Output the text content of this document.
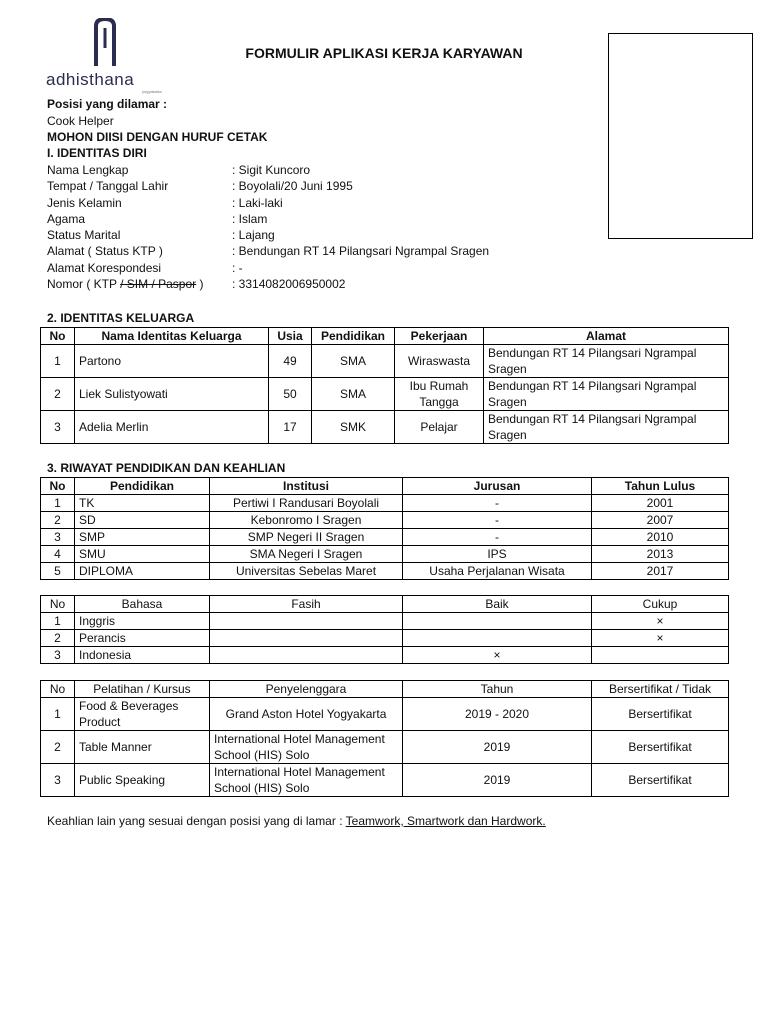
adhisthana
yogyakarta
FORMULIR APLIKASI KERJA KARYAWAN
Posisi yang dilamar :
Cook Helper
MOHON DIISI DENGAN HURUF CETAK
I. IDENTITAS DIRI
Nama Lengkap	: Sigit Kuncoro
Tempat / Tanggal Lahir	: Boyolali/20 Juni 1995
Jenis Kelamin	: Laki-laki
Agama	: Islam
Status Marital	: Lajang
Alamat ( Status KTP )	: Bendungan RT 14 Pilangsari Ngrampal Sragen
Alamat Korespondesi	: -
Nomor ( KTP / SIM / Paspor ) : 3314082006950002
2. IDENTITAS KELUARGA
No	Nama Identitas Keluarga	Usia	Pendidikan	Pekerjaan	Alamat
1	Partono	49	SMA	Wiraswasta	Bendungan RT 14 Pilangsari Ngrampal Sragen
2	Liek Sulistyowati	50	SMA	Ibu Rumah Tangga	Bendungan RT 14 Pilangsari Ngrampal Sragen
3	Adelia Merlin	17	SMK	Pelajar	Bendungan RT 14 Pilangsari Ngrampal Sragen
3. RIWAYAT PENDIDIKAN DAN KEAHLIAN
No	Pendidikan	Institusi	Jurusan	Tahun Lulus
1	TK	Pertiwi I Randusari Boyolali	-	2001
2	SD	Kebonromo I Sragen	-	2007
3	SMP	SMP Negeri II Sragen	-	2010
4	SMU	SMA Negeri I Sragen	IPS	2013
5	DIPLOMA	Universitas Sebelas Maret	Usaha Perjalanan Wisata	2017
No	Bahasa	Fasih	Baik	Cukup
1	Inggris			×
2	Perancis			×
3	Indonesia		×	
No	Pelatihan / Kursus	Penyelenggara	Tahun	Bersertifikat / Tidak
1	Food & Beverages Product	Grand Aston Hotel Yogyakarta	2019 - 2020	Bersertifikat
2	Table Manner	International Hotel Management School (HIS) Solo	2019	Bersertifikat
3	Public Speaking	International Hotel Management School (HIS) Solo	2019	Bersertifikat
Keahlian lain yang sesuai dengan posisi yang di lamar : Teamwork, Smartwork dan Hardwork.
